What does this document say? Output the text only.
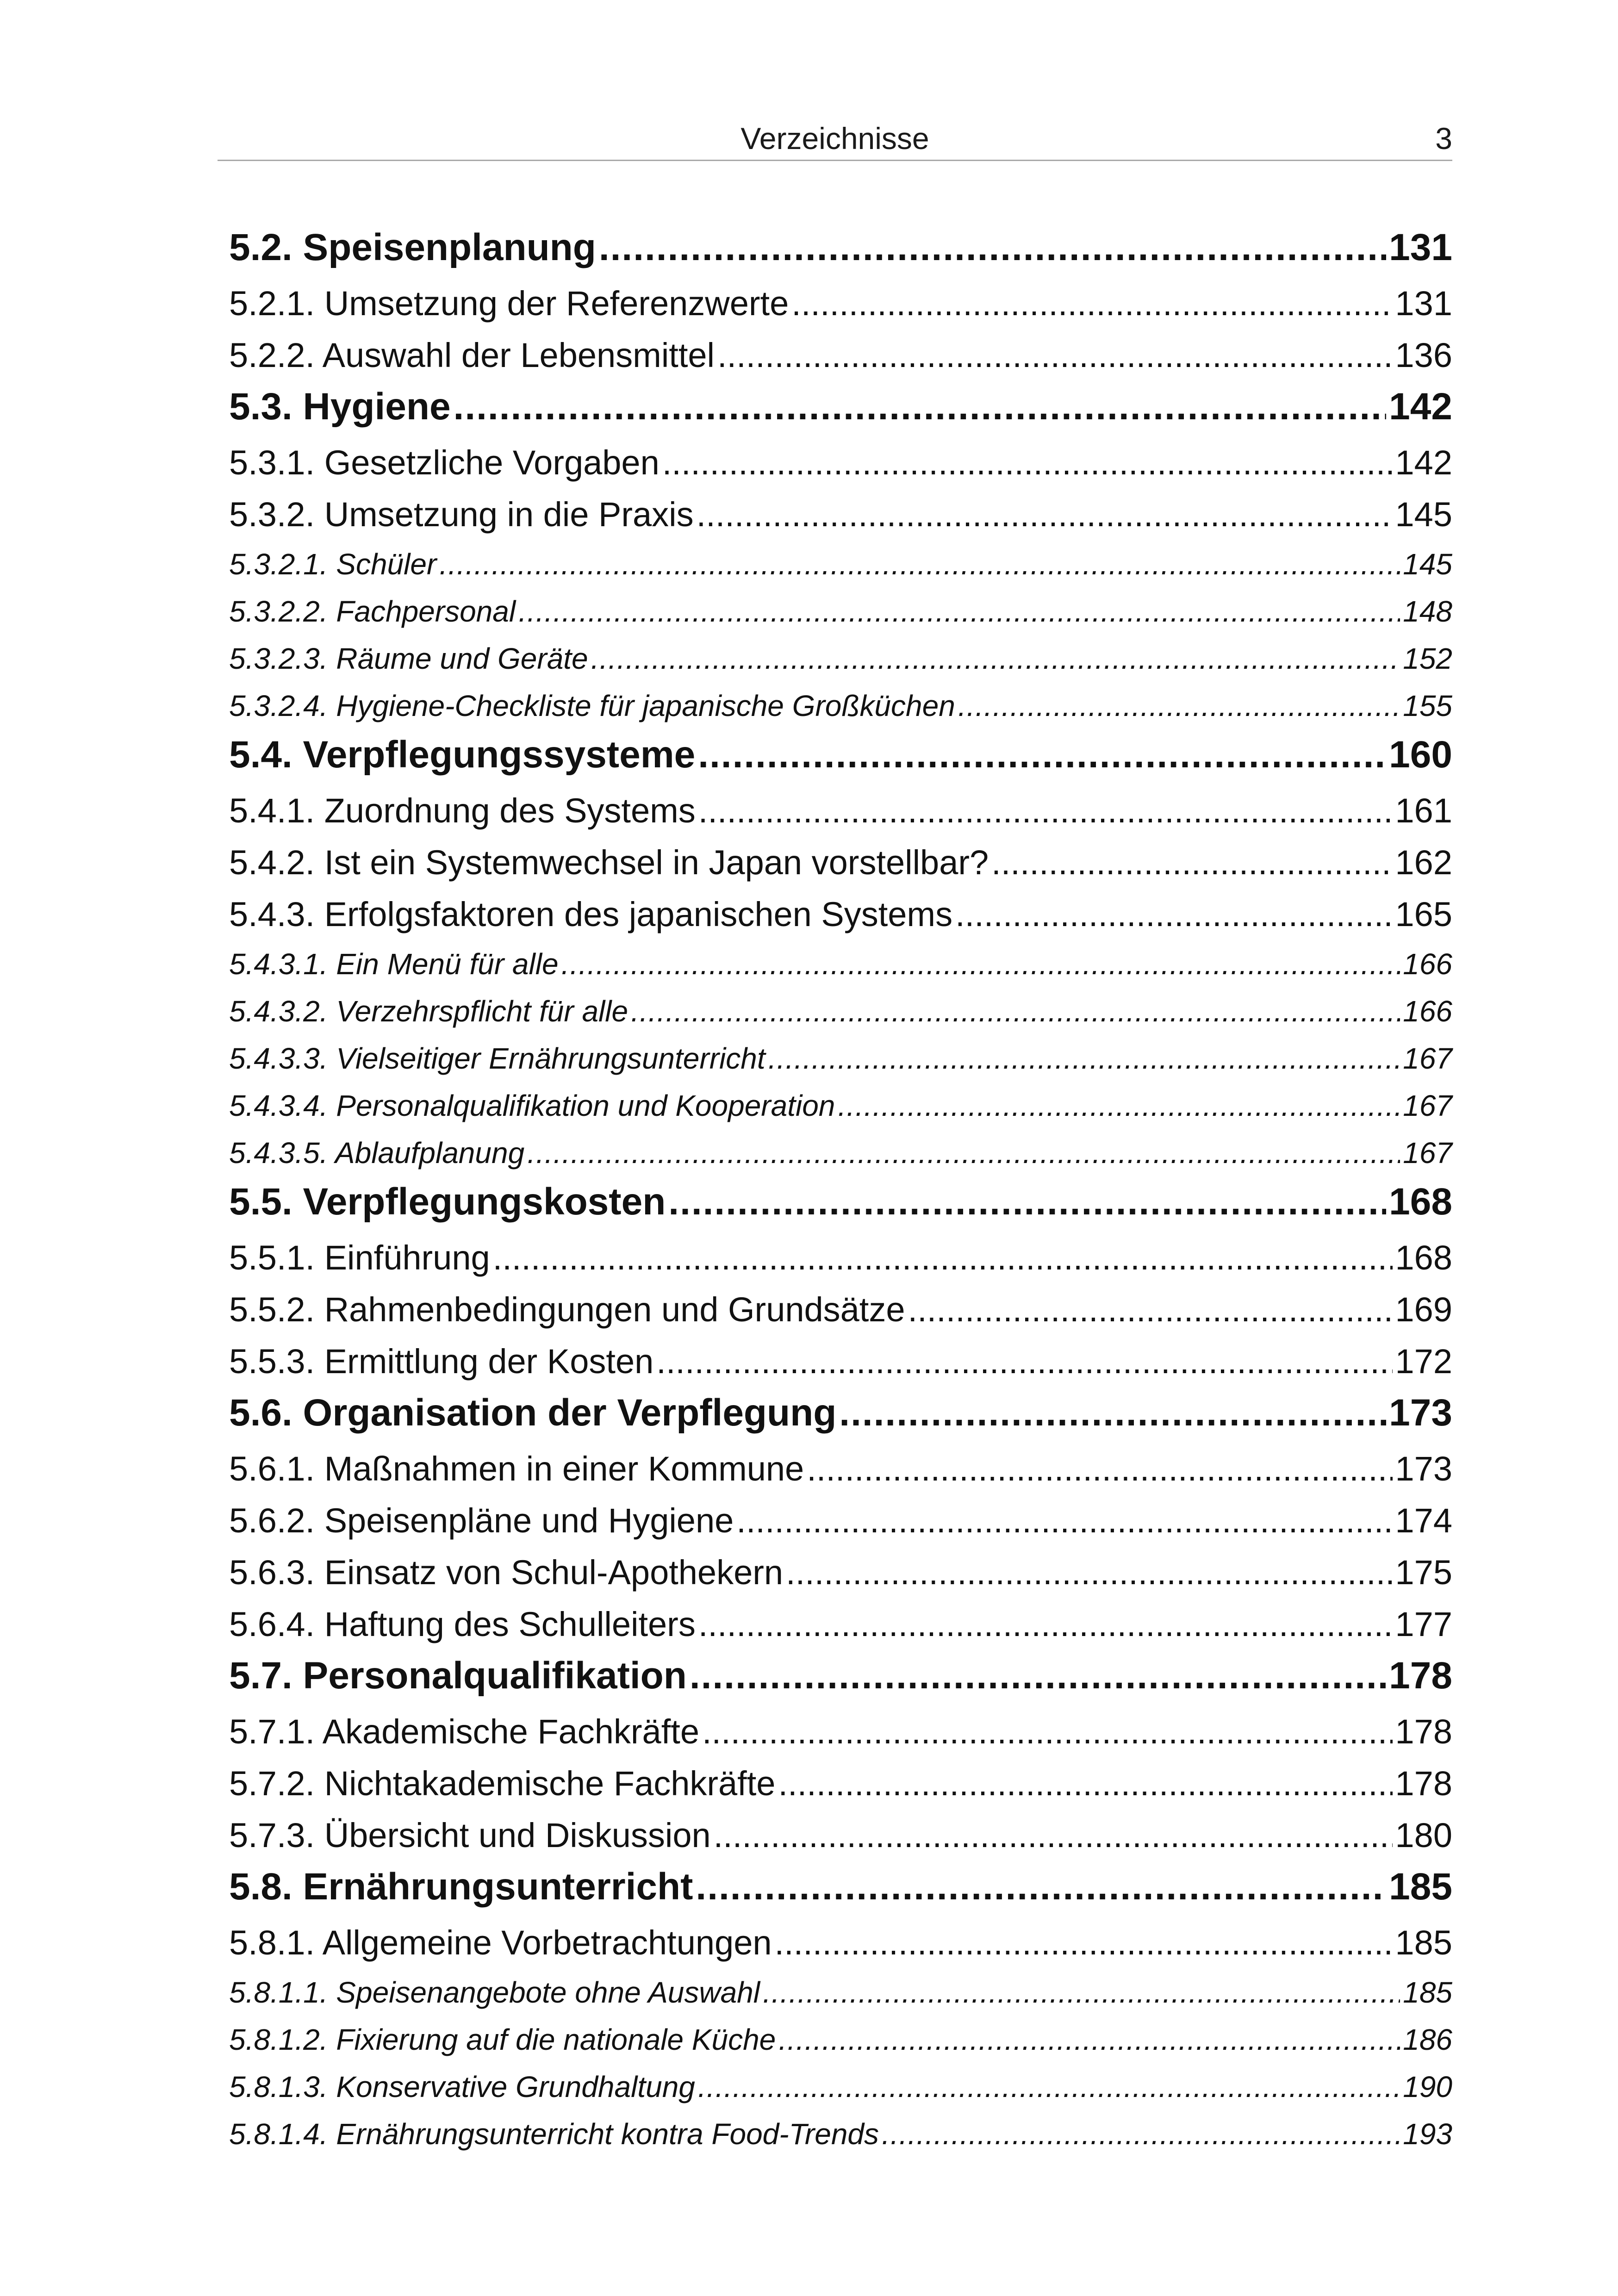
Verzeichnisse	3
5.2. Speisenplanung .....	131
5.2.1. Umsetzung der Referenzwerte .....	131
5.2.2. Auswahl der Lebensmittel .....	136
5.3. Hygiene .....	142
5.3.1. Gesetzliche Vorgaben .....	142
5.3.2. Umsetzung in die Praxis .....	145
5.3.2.1. Schüler .....	145
5.3.2.2. Fachpersonal .....	148
5.3.2.3. Räume und Geräte .....	152
5.3.2.4. Hygiene-Checkliste für japanische Großküchen .....	155
5.4. Verpflegungssysteme .....	160
5.4.1. Zuordnung des Systems .....	161
5.4.2. Ist ein Systemwechsel in Japan vorstellbar? .....	162
5.4.3. Erfolgsfaktoren des japanischen Systems .....	165
5.4.3.1. Ein Menü für alle .....	166
5.4.3.2. Verzehrspflicht für alle .....	166
5.4.3.3. Vielseitiger Ernährungsunterricht .....	167
5.4.3.4. Personalqualifikation und Kooperation .....	167
5.4.3.5. Ablaufplanung .....	167
5.5. Verpflegungskosten .....	168
5.5.1. Einführung .....	168
5.5.2. Rahmenbedingungen und Grundsätze .....	169
5.5.3. Ermittlung der Kosten .....	172
5.6. Organisation der Verpflegung .....	173
5.6.1. Maßnahmen in einer Kommune .....	173
5.6.2. Speisenpläne und Hygiene .....	174
5.6.3. Einsatz von Schul-Apothekern .....	175
5.6.4. Haftung des Schulleiters .....	177
5.7. Personalqualifikation .....	178
5.7.1. Akademische Fachkräfte .....	178
5.7.2. Nichtakademische Fachkräfte .....	178
5.7.3. Übersicht und Diskussion .....	180
5.8. Ernährungsunterricht .....	185
5.8.1. Allgemeine Vorbetrachtungen .....	185
5.8.1.1. Speisenangebote ohne Auswahl .....	185
5.8.1.2. Fixierung auf die nationale Küche .....	186
5.8.1.3. Konservative Grundhaltung .....	190
5.8.1.4. Ernährungsunterricht kontra Food-Trends .....	193
